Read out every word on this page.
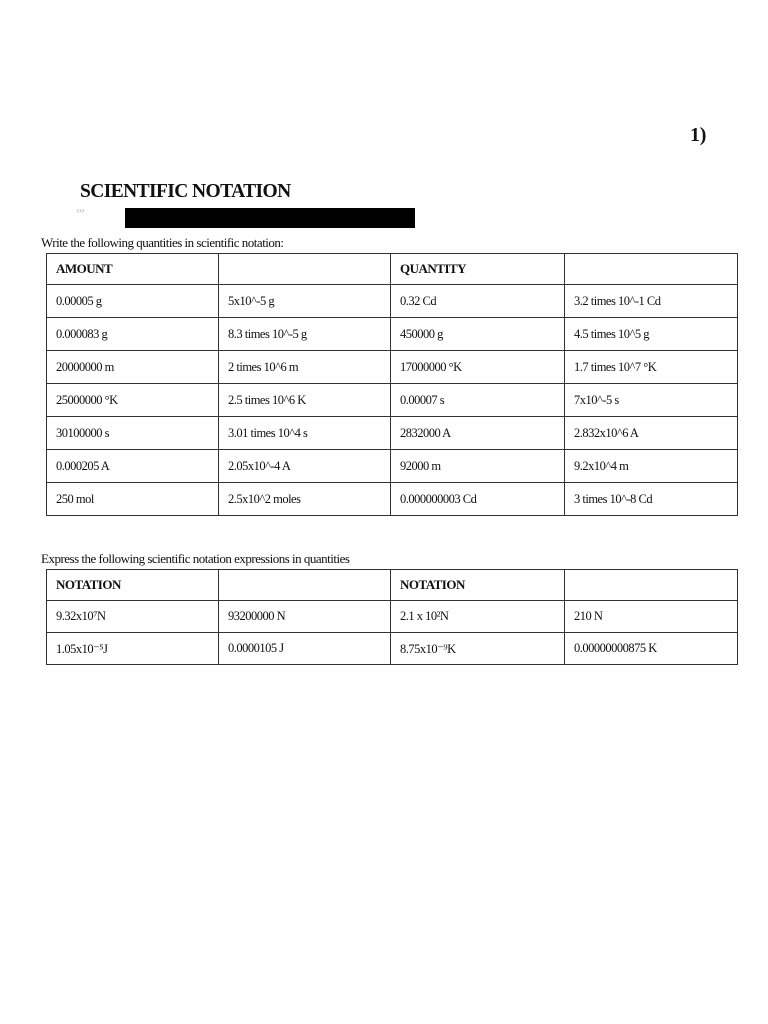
1)
SCIENTIFIC NOTATION
”’
Write the following quantities in scientific notation:
AMOUNT		QUANTITY	
0.00005 g	5x10^-5 g	0.32 Cd	3.2 times 10^-1 Cd
0.000083 g	8.3 times 10^-5 g	450000 g	4.5 times 10^5 g
20000000 m	2 times 10^6 m	17000000 °K	1.7 times 10^7 °K
25000000 °K	2.5 times 10^6 K	0.00007 s	7x10^-5 s
30100000 s	3.01 times 10^4 s	2832000 A	2.832x10^6 A
0.000205 A	2.05x10^-4 A	92000 m	9.2x10^4 m
250 mol	2.5x10^2 moles	0.000000003 Cd	3 times 10^-8 Cd
Express the following scientific notation expressions in quantities
NOTATION		NOTATION	
9.32x10⁷N	93200000 N	2.1 x 10²N	210 N
1.05x10⁻⁵J	0.0000105 J	8.75x10⁻⁹K	0.00000000875 K
